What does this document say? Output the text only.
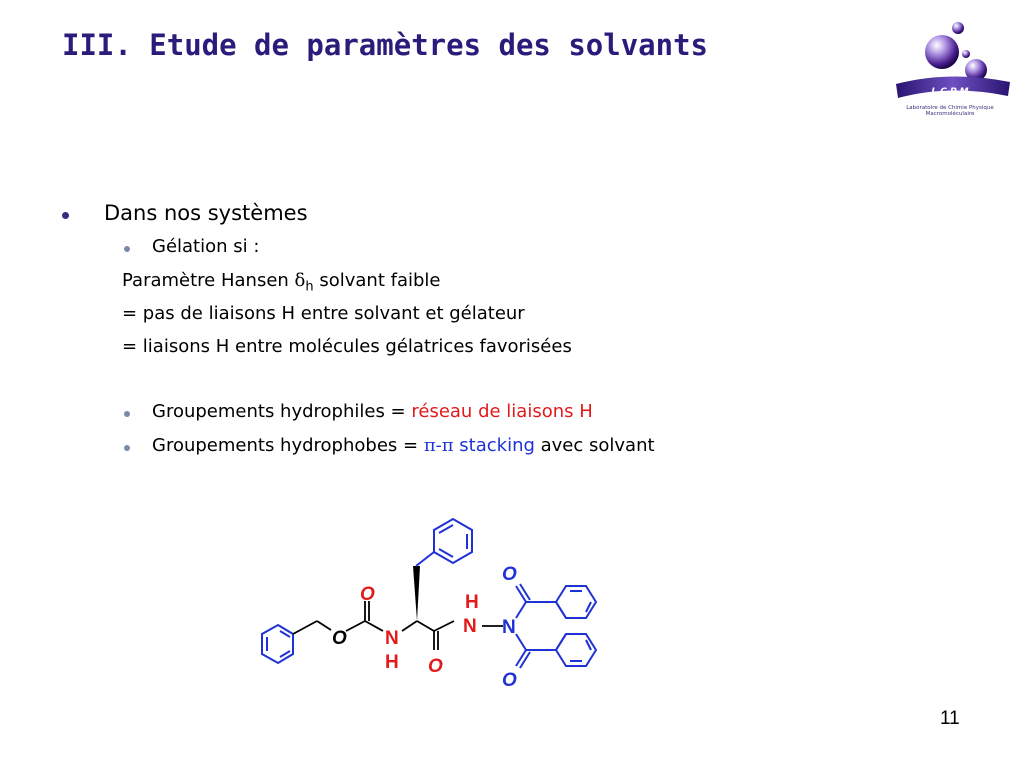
III. Etude de paramètres des solvants
L C P M
Laboratoire de Chimie Physique Macromoléculaire
Dans nos systèmes
Gélation si :
Paramètre Hansen $\delta_h$ solvant faible
= pas de liaisons H entre solvant et gélateur
= liaisons H entre molécules gélatrices favorisées
Groupements hydrophiles = réseau de liaisons H
Groupements hydrophobes = π-π stacking avec solvant
O
O
N
H O
N
H
N
O
O
11
